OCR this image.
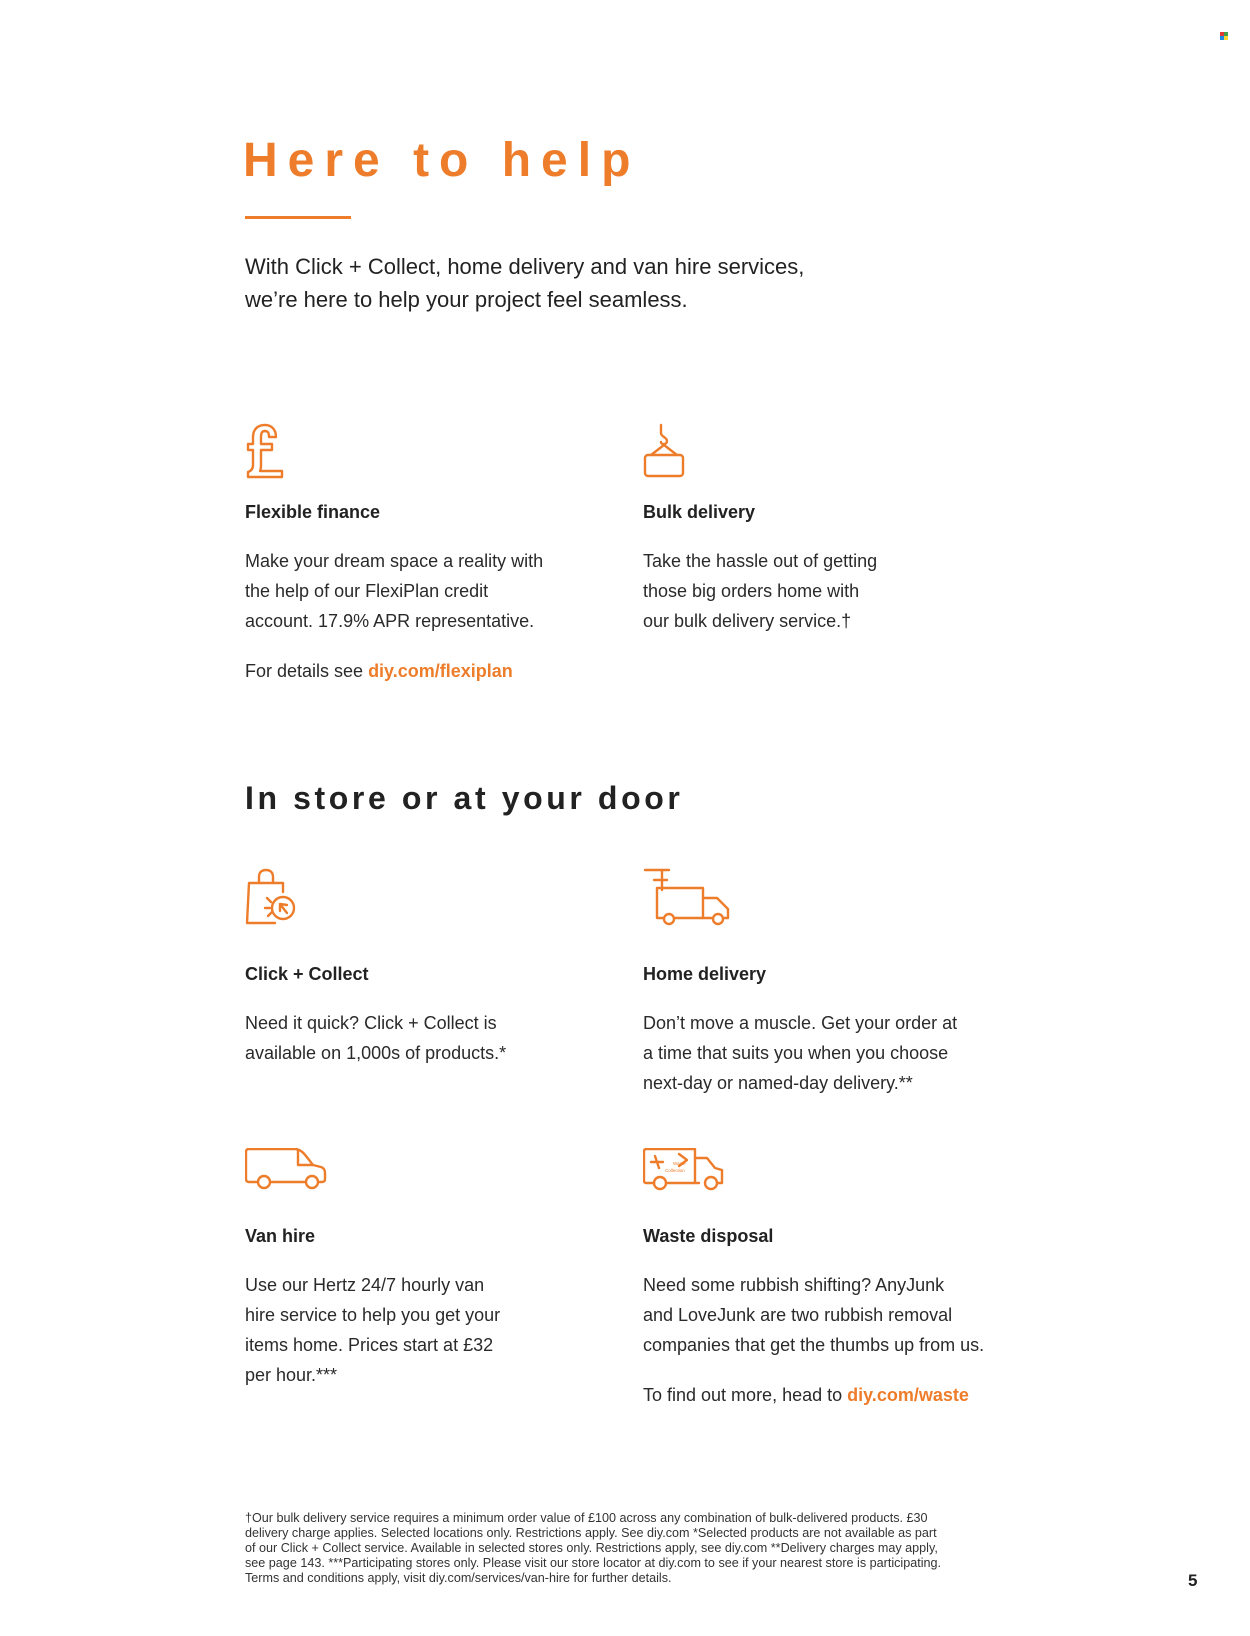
Here to help

With Click + Collect, home delivery and van hire services,

we’re here to help your project feel seamless.

Flexible finance

Make your dream space a reality with

the help of our FlexiPlan credit

account. 17.9% APR representative.

For details see diy.com/flexiplan

Bulk delivery

Take the hassle out of getting

those big orders home with

our bulk delivery service.†

In store or at your door
Click + Collect

Need it quick? Click + Collect is

available on 1,000s of products.*

Home delivery

Don’t move a muscle. Get your order at

a time that suits you when you choose

next-day or named-day delivery.**

Van hire

Use our Hertz 24/7 hourly van

hire service to help you get your

items home. Prices start at £32

per hour.***

Waste
Collection
Waste disposal

Need some rubbish shifting? AnyJunk

and LoveJunk are two rubbish removal

companies that get the thumbs up from us.

To find out more, head to diy.com/waste

†Our bulk delivery service requires a minimum order value of £100 across any combination of bulk-delivered products. £30

delivery charge applies. Selected locations only. Restrictions apply. See diy.com *Selected products are not available as part

of our Click + Collect service. Available in selected stores only. Restrictions apply, see diy.com **Delivery charges may apply,

see page 143. ***Participating stores only. Please visit our store locator at diy.com to see if your nearest store is participating.

Terms and conditions apply, visit diy.com/services/van-hire for further details.	5
